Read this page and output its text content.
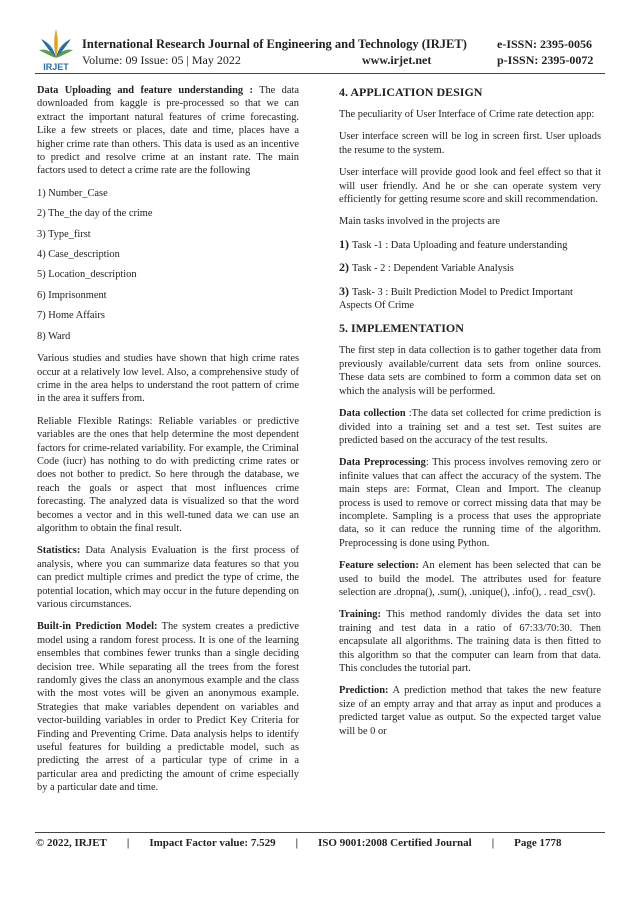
IRJET
International Research Journal of Engineering and Technology (IRJET)
Volume: 09 Issue: 05 | May 2022	www.irjet.net
e-ISSN: 2395-0056
p-ISSN: 2395-0072

Data Uploading and feature understanding : The data downloaded from kaggle is pre-processed so that we can extract the important natural features of crime forecasting. Like a few streets or places, date and time, places have a higher crime rate than others. This data is used as an incentive to predict and resolve crime at an instant rate. The main factors used to detect a crime rate are the following

1) Number_Case

2) The_the day of the crime

3) Type_first

4) Case_description

5) Location_description

6) Imprisonment

7) Home Affairs

8) Ward

Various studies and studies have shown that high crime rates occur at a relatively low level. Also, a comprehensive study of crime in the area helps to understand the root pattern of crime in the area it suffers from.

Reliable Flexible Ratings: Reliable variables or predictive variables are the ones that help determine the most dependent factors for crime-related variability. For example, the Criminal Code (iucr) has nothing to do with predicting crime rates or does not bother to predict. So here through the database, we reach the goals or aspect that most influences crime forecasting. The analyzed data is visualized so that the word becomes a vector and in this well-tuned data we can use an algorithm to obtain the final result.

Statistics: Data Analysis Evaluation is the first process of analysis, where you can summarize data features so that you can predict multiple crimes and predict the type of crime, the potential location, which may occur in the future depending on various circumstances.

Built-in Prediction Model: The system creates a predictive model using a random forest process. It is one of the learning ensembles that combines fewer trunks than a single deciding decision tree. While separating all the trees from the forest randomly gives the class an anonymous example and the class with the most votes will be given an anonymous example. Strategies that make variables dependent on variables and vector-building variables in order to Predict Key Criteria for Finding and Preventing Crime. Data analysis helps to identify useful features for building a predictable model, such as predicting the arrest of a particular type of crime in a particular area and predicting the amount of crime especially by a particular date and time.

4. APPLICATION DESIGN

The peculiarity of User Interface of Crime rate detection app:

User interface screen will be log in screen first. User uploads the resume to the system.

User interface will provide good look and feel effect so that it will user friendly. And he or she can operate system very efficiently for getting resume score and skill recommendation.

Main tasks involved in the projects are

1) Task -1 : Data Uploading and feature understanding

2) Task - 2 : Dependent Variable Analysis

3) Task- 3 : Built Prediction Model to Predict Important Aspects Of Crime

5. IMPLEMENTATION

The first step in data collection is to gather together data from previously available/current data sets from online sources. These data sets are combined to form a common data set on which the analysis will be performed.

Data collection :The data set collected for crime prediction is divided into a training set and a test set. Test suites are predicted based on the accuracy of the test results.

Data Preprocessing: This process involves removing zero or infinite values that can affect the accuracy of the system. The main steps are: Format, Clean and Import. The cleanup process is used to remove or correct missing data that may be incomplete. Sampling is a process that uses the appropriate data, so it can reduce the running time of the algorithm. Preprocessing is done using Python.

Feature selection: An element has been selected that can be used to build the model. The attributes used for feature selection are .dropna(), .sum(), .unique(), .info(), . read_csv().

Training: This method randomly divides the data set into training and test data in a ratio of 67:33/70:30. Then encapsulate all algorithms. The training data is then fitted to this algorithm so that the computer can learn from that data. This concludes the tutorial part.

Prediction: A prediction method that takes the new feature size of an empty array and that array as input and produces a predicted target value as output. So the expected target value will be 0 or

© 2022, IRJET | Impact Factor value: 7.529 | ISO 9001:2008 Certified Journal | Page 1778
